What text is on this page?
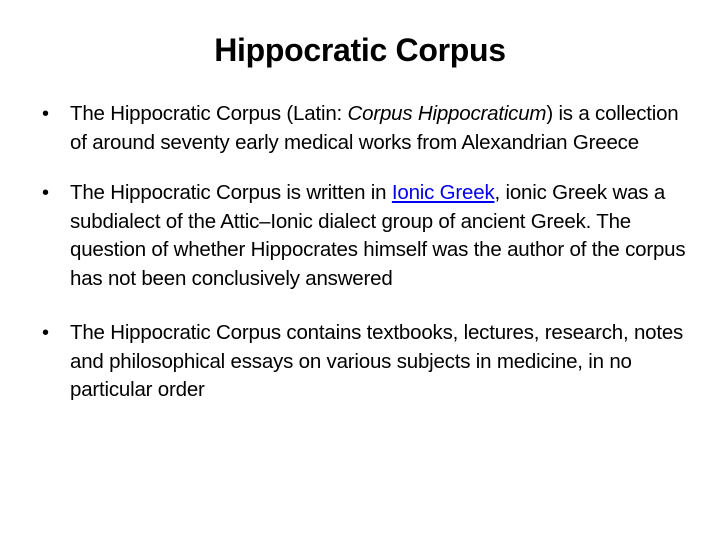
Hippocratic Corpus
• The Hippocratic Corpus (Latin: Corpus Hippocraticum) is a collection of around seventy early medical works from Alexandrian Greece
• The Hippocratic Corpus is written in Ionic Greek, ionic Greek was a subdialect of the Attic–Ionic dialect group of ancient Greek. The question of whether Hippocrates himself was the author of the corpus has not been conclusively answered
• The Hippocratic Corpus contains textbooks, lectures, research, notes and philosophical essays on various subjects in medicine, in no particular order
